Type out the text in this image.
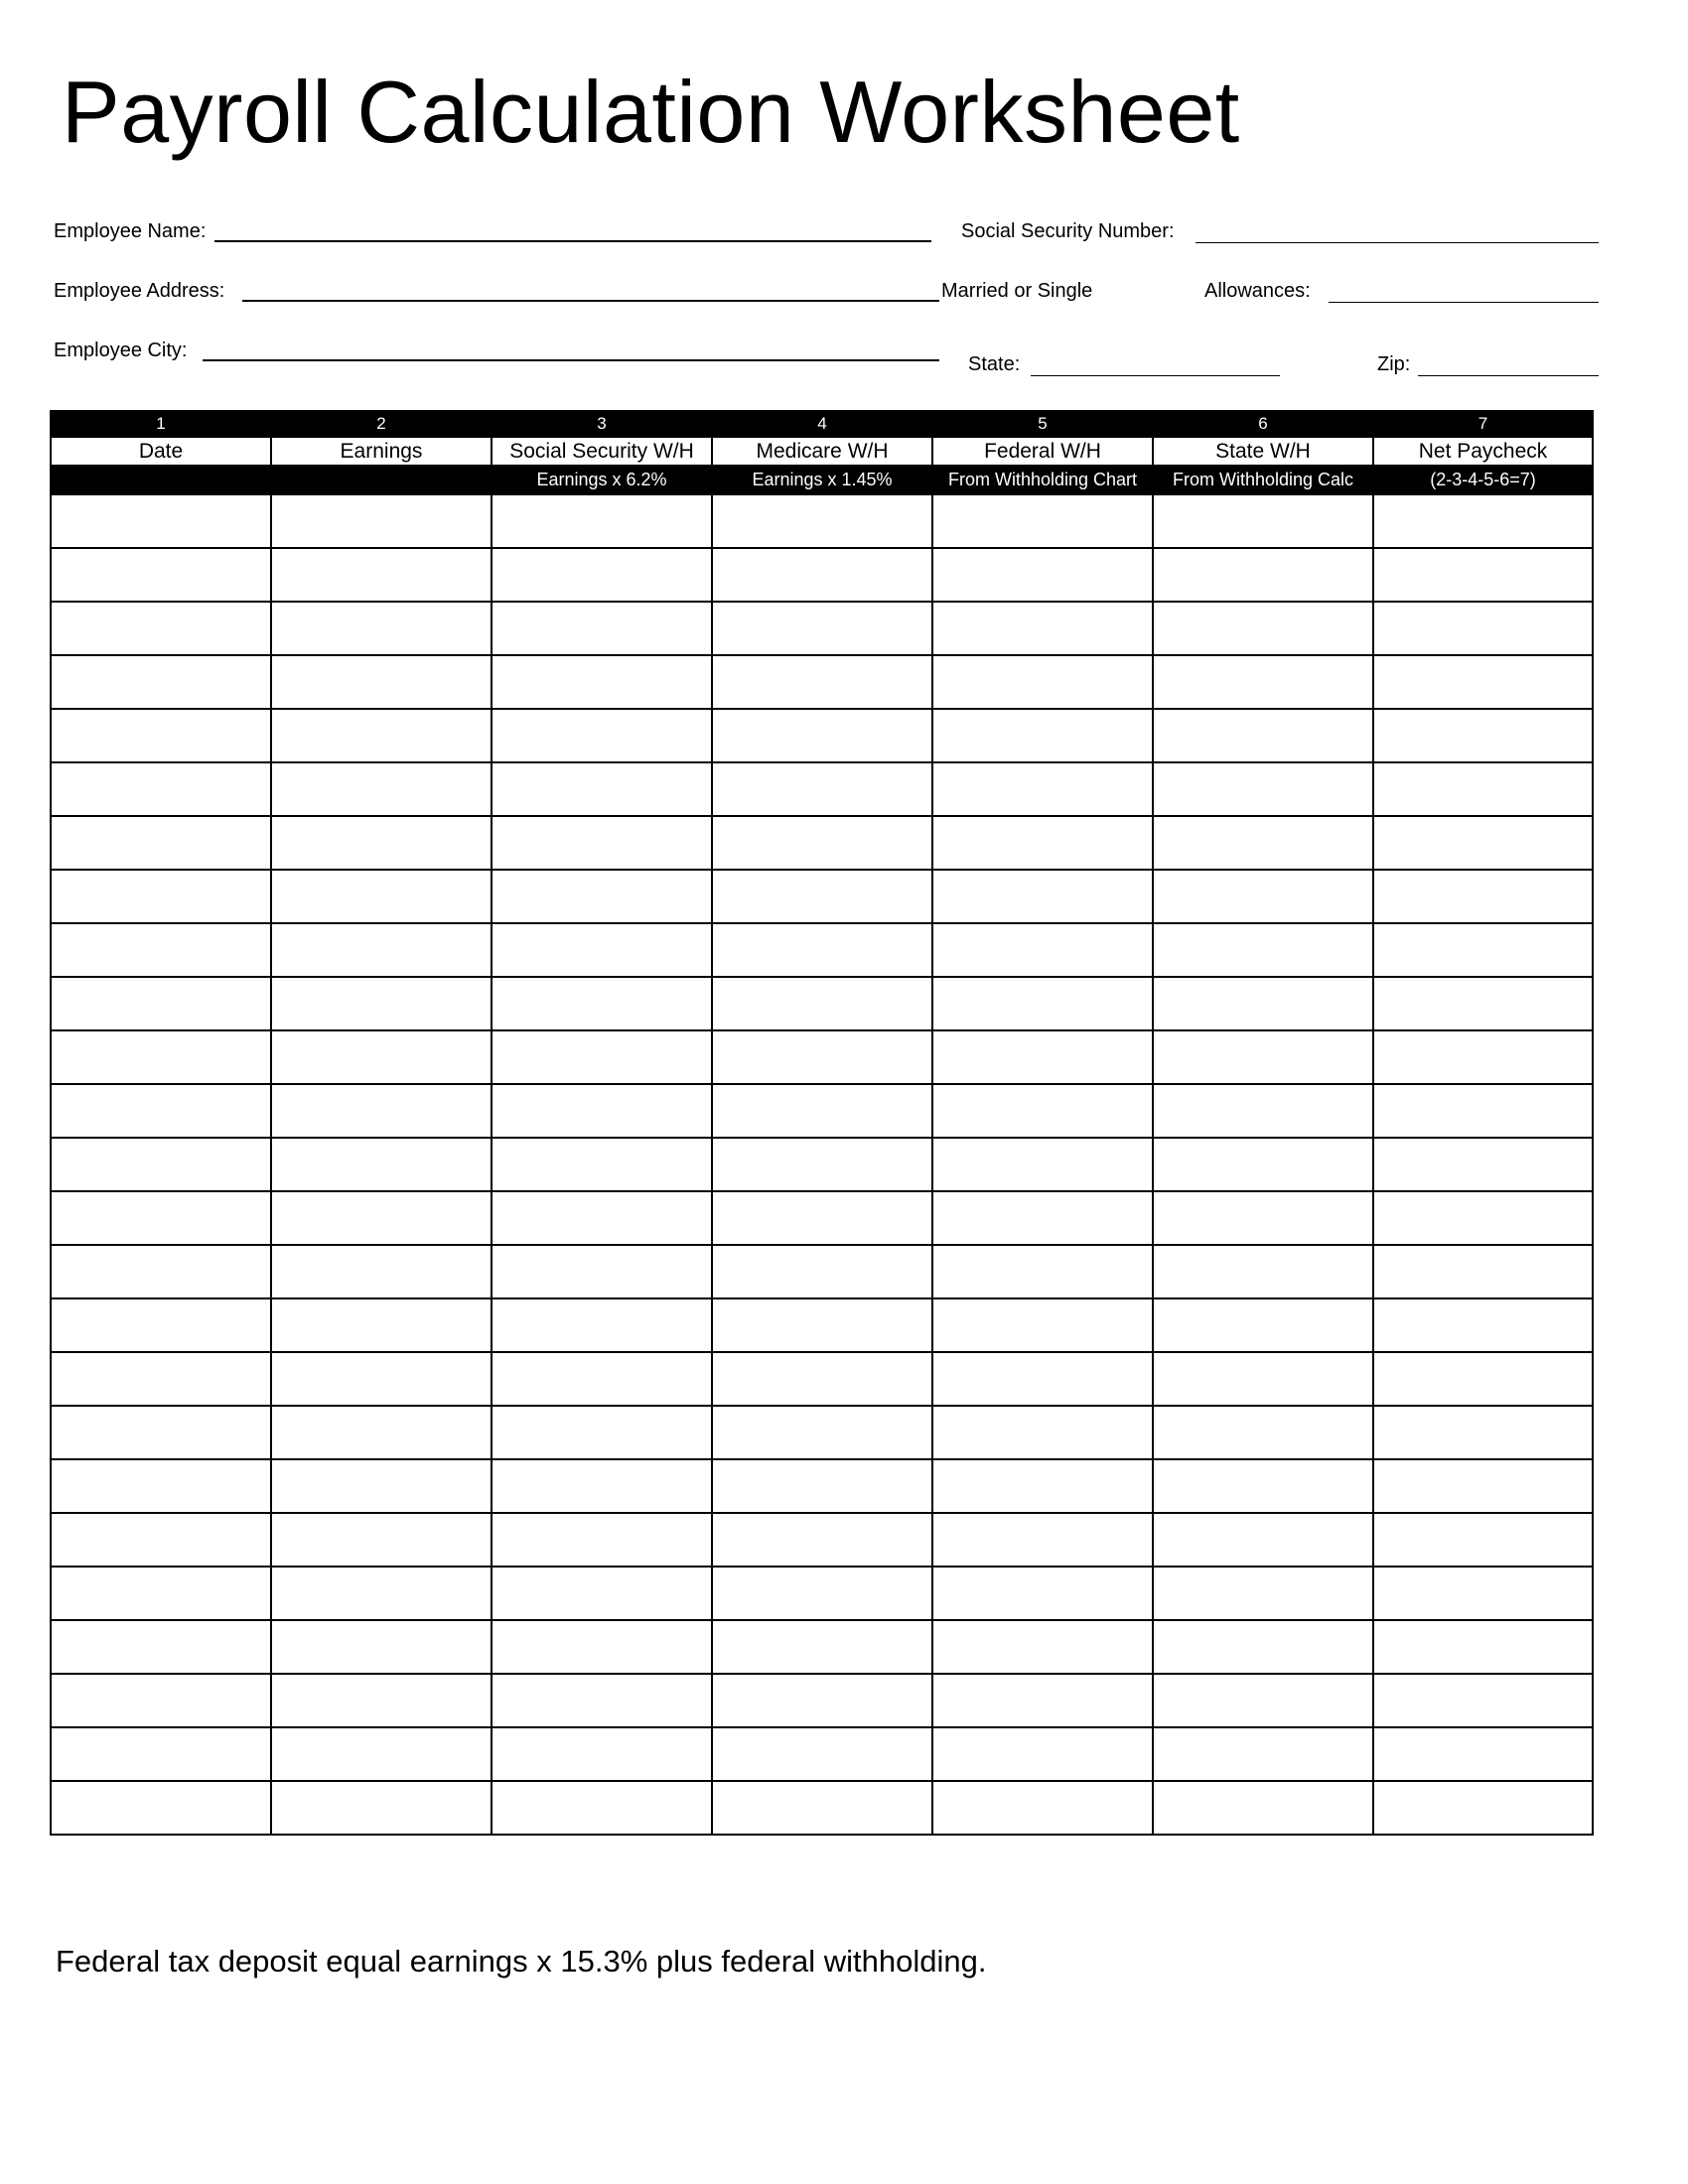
Payroll Calculation Worksheet
Employee Name:	Social Security Number:
Employee Address:	Married or Single	Allowances:
Employee City:
State:	Zip:
1	2	3	4	5	6	7
Date	Earnings	Social Security W/H	Medicare W/H	Federal W/H	State W/H	Net Paycheck
		Earnings x 6.2%	Earnings x 1.45%	From Withholding Chart	From Withholding Calc	(2-3-4-5-6=7)

Federal tax deposit equal earnings x 15.3% plus federal withholding.
